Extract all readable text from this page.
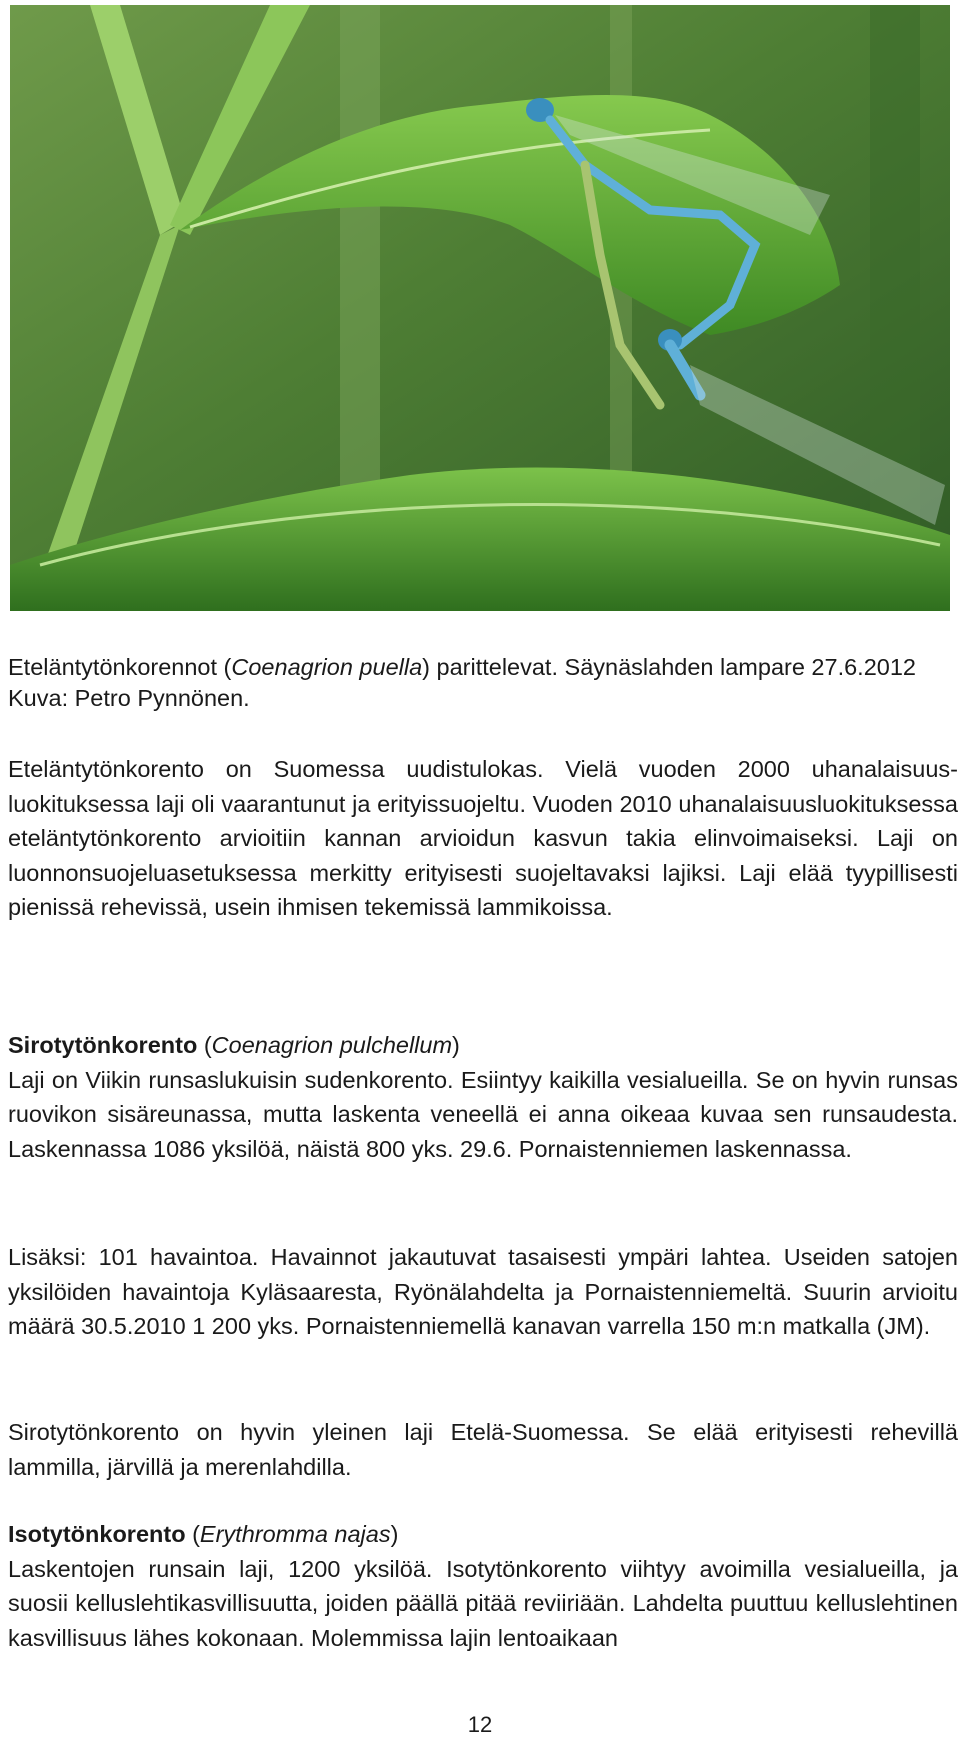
Eteläntytönkorennot (Coenagrion puella) parittelevat. Säynäslahden lampare 27.6.2012
Kuva: Petro Pynnönen.

Eteläntytönkorento on Suomessa uudistulokas. Vielä vuoden 2000 uhanalaisuusluokituksessa laji oli vaarantunut ja erityissuojeltu. Vuoden 2010 uhanalaisuusluokituksessa eteläntytönkorento arvioitiin kannan arvioidun kasvun takia elinvoimaiseksi. Laji on luonnonsuojeluasetuksessa merkitty erityisesti suojeltavaksi lajiksi. Laji elää tyypillisesti pienissä rehevissä, usein ihmisen tekemissä lammikoissa.

Sirotytönkorento (Coenagrion pulchellum)

Laji on Viikin runsaslukuisin sudenkorento. Esiintyy kaikilla vesialueilla. Se on hyvin runsas ruovikon sisäreunassa, mutta laskenta veneellä ei anna oikeaa kuvaa sen runsaudesta. Laskennassa 1086 yksilöä, näistä 800 yks. 29.6. Pornaistenniemen laskennassa.

Lisäksi: 101 havaintoa. Havainnot jakautuvat tasaisesti ympäri lahtea. Useiden satojen yksilöiden havaintoja Kyläsaaresta, Ryönälahdelta ja Pornaistenniemeltä. Suurin arvioitu määrä 30.5.2010 1 200 yks. Pornaistenniemellä kanavan varrella 150 m:n matkalla (JM).

Sirotytönkorento on hyvin yleinen laji Etelä-Suomessa. Se elää erityisesti rehevillä lammilla, järvillä ja merenlahdilla.

Isotytönkorento (Erythromma najas)

Laskentojen runsain laji, 1200 yksilöä. Isotytönkorento viihtyy avoimilla vesialueilla, ja suosii kelluslehtikasvillisuutta, joiden päällä pitää reviiriään. Lahdelta puuttuu kelluslehtinen kasvillisuus lähes kokonaan. Molemmissa lajin lentoaikaan

12
